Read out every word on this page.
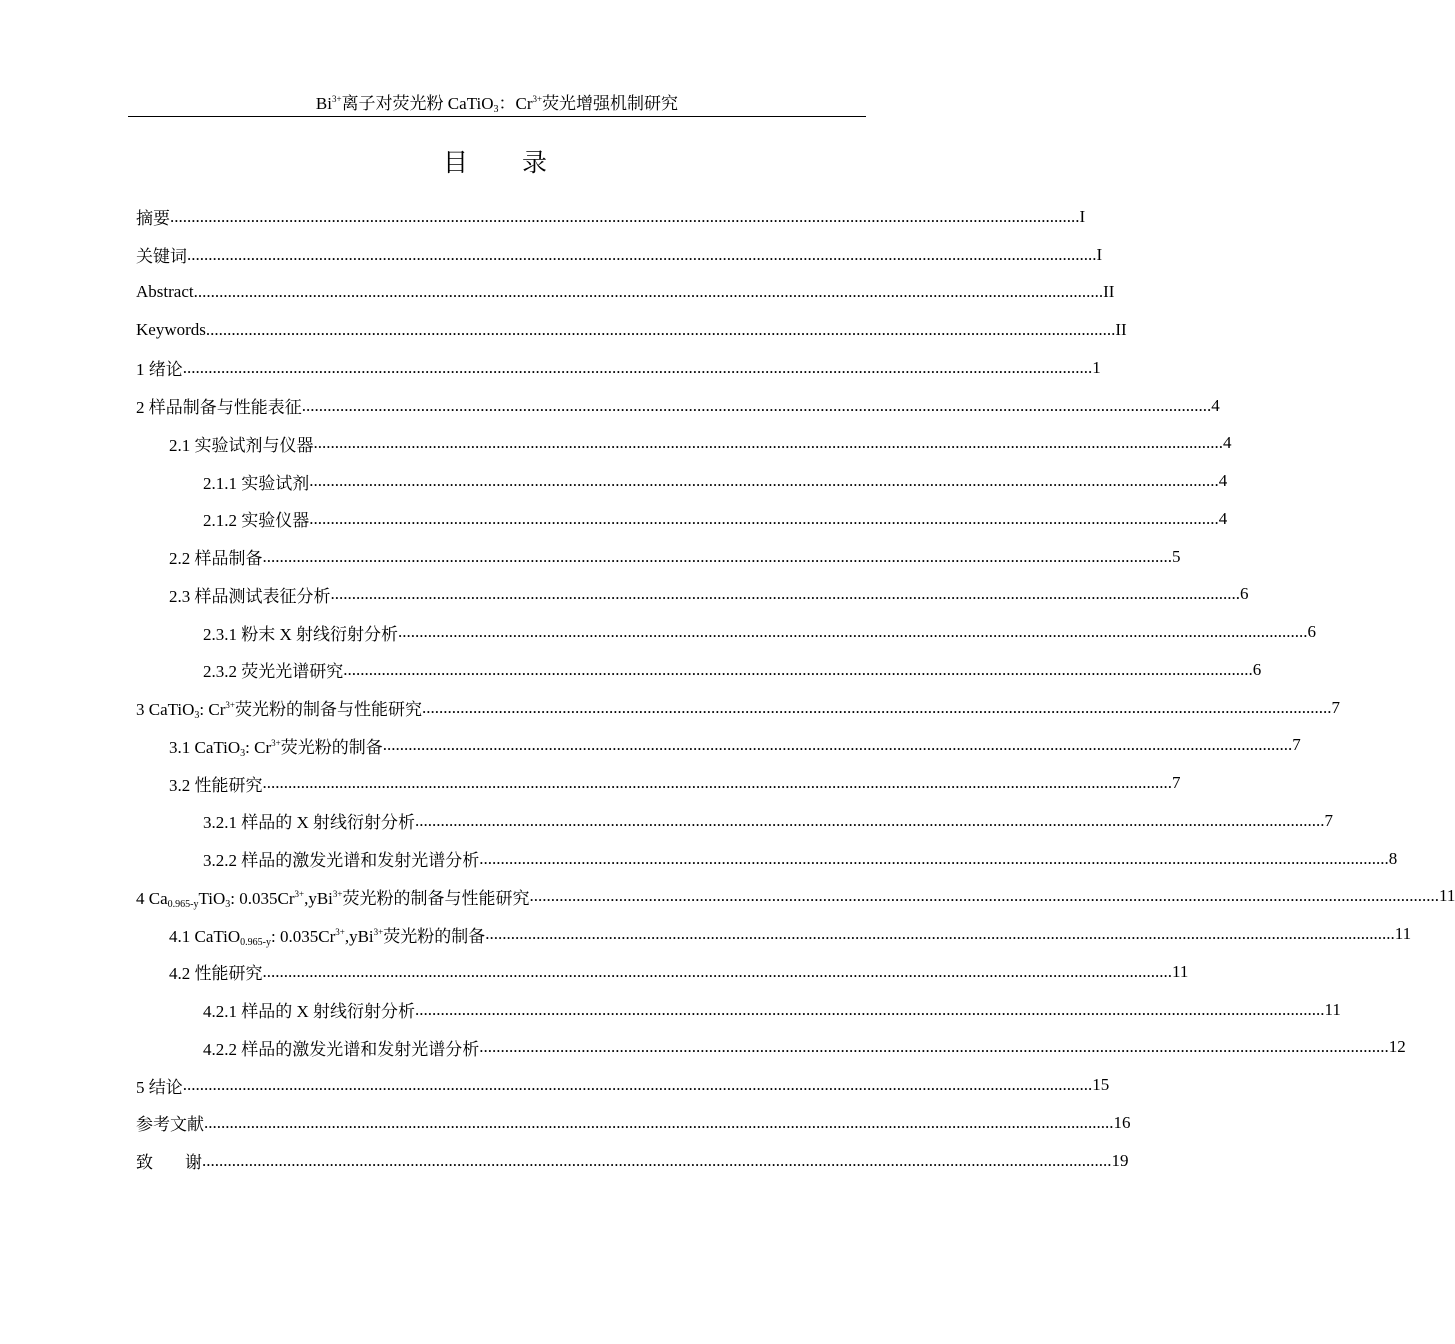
$Bi^{3+}$离子对荧光粉 CaTiO$_3$：$Cr^{3+}$荧光增强机制研究
目 录
摘要 ...................................................................................................................................................................................................................... I
关键词 ...................................................................................................................................................................................................................... I
Abstract ...................................................................................................................................................................................................................... II
Keywords ...................................................................................................................................................................................................................... II
1 绪论 ...................................................................................................................................................................................................................... 1
2 样品制备与性能表征 ...................................................................................................................................................................................................................... 4
2.1 实验试剂与仪器 ...................................................................................................................................................................................................................... 4
2.1.1 实验试剂 ...................................................................................................................................................................................................................... 4
2.1.2 实验仪器 ...................................................................................................................................................................................................................... 4
2.2 样品制备 ...................................................................................................................................................................................................................... 5
2.3 样品测试表征分析 ...................................................................................................................................................................................................................... 6
2.3.1 粉末 X 射线衍射分析 ...................................................................................................................................................................................................................... 6
2.3.2 荧光光谱研究 ...................................................................................................................................................................................................................... 6
3 CaTiO$_3$: $Cr^{3+}$荧光粉的制备与性能研究 ...................................................................................................................................................................................................................... 7
3.1 CaTiO$_3$: $Cr^{3+}$荧光粉的制备 ...................................................................................................................................................................................................................... 7
3.2 性能研究 ...................................................................................................................................................................................................................... 7
3.2.1 样品的 X 射线衍射分析 ...................................................................................................................................................................................................................... 7
3.2.2 样品的激发光谱和发射光谱分析 ...................................................................................................................................................................................................................... 8
4 $Ca_{0.965-y}TiO_3$: $0.035Cr^{3+},yBi^{3+}$荧光粉的制备与性能研究 ...................................................................................................................................................................................................................... 11
4.1 CaTiO$_{0.965-y}$: $0.035Cr^{3+},yBi^{3+}$荧光粉的制备 ...................................................................................................................................................................................................................... 11
4.2 性能研究 ...................................................................................................................................................................................................................... 11
4.2.1 样品的 X 射线衍射分析 ...................................................................................................................................................................................................................... 11
4.2.2 样品的激发光谱和发射光谱分析 ...................................................................................................................................................................................................................... 12
5 结论 ...................................................................................................................................................................................................................... 15
参考文献 ...................................................................................................................................................................................................................... 16
致 谢 ...................................................................................................................................................................................................................... 19
